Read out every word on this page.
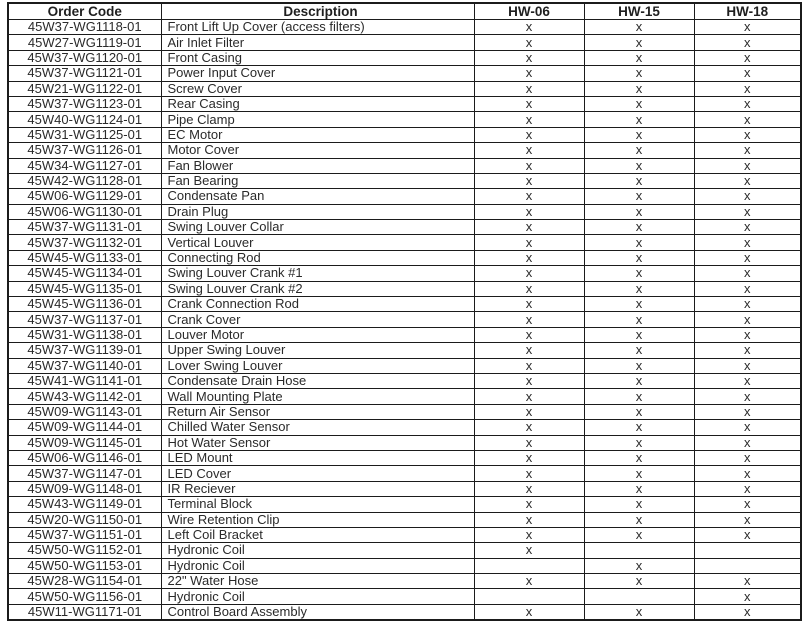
Order Code	Description	HW-06	HW-15	HW-18
45W37-WG1118-01	Front Lift Up Cover (access filters)	x	x	x
45W27-WG1119-01	Air Inlet Filter	x	x	x
45W37-WG1120-01	Front Casing	x	x	x
45W37-WG1121-01	Power Input Cover	x	x	x
45W21-WG1122-01	Screw Cover	x	x	x
45W37-WG1123-01	Rear Casing	x	x	x
45W40-WG1124-01	Pipe Clamp	x	x	x
45W31-WG1125-01	EC Motor	x	x	x
45W37-WG1126-01	Motor Cover	x	x	x
45W34-WG1127-01	Fan Blower	x	x	x
45W42-WG1128-01	Fan Bearing	x	x	x
45W06-WG1129-01	Condensate Pan	x	x	x
45W06-WG1130-01	Drain Plug	x	x	x
45W37-WG1131-01	Swing Louver Collar	x	x	x
45W37-WG1132-01	Vertical Louver	x	x	x
45W45-WG1133-01	Connecting Rod	x	x	x
45W45-WG1134-01	Swing Louver Crank #1	x	x	x
45W45-WG1135-01	Swing Louver Crank #2	x	x	x
45W45-WG1136-01	Crank Connection Rod	x	x	x
45W37-WG1137-01	Crank Cover	x	x	x
45W31-WG1138-01	Louver Motor	x	x	x
45W37-WG1139-01	Upper Swing Louver	x	x	x
45W37-WG1140-01	Lover Swing Louver	x	x	x
45W41-WG1141-01	Condensate Drain Hose	x	x	x
45W43-WG1142-01	Wall Mounting Plate	x	x	x
45W09-WG1143-01	Return Air Sensor	x	x	x
45W09-WG1144-01	Chilled Water Sensor	x	x	x
45W09-WG1145-01	Hot Water Sensor	x	x	x
45W06-WG1146-01	LED Mount	x	x	x
45W37-WG1147-01	LED Cover	x	x	x
45W09-WG1148-01	IR Reciever	x	x	x
45W43-WG1149-01	Terminal Block	x	x	x
45W20-WG1150-01	Wire Retention Clip	x	x	x
45W37-WG1151-01	Left Coil Bracket	x	x	x
45W50-WG1152-01	Hydronic Coil	x		
45W50-WG1153-01	Hydronic Coil		x	
45W28-WG1154-01	22" Water Hose	x	x	x
45W50-WG1156-01	Hydronic Coil			x
45W11-WG1171-01	Control Board Assembly	x	x	x
